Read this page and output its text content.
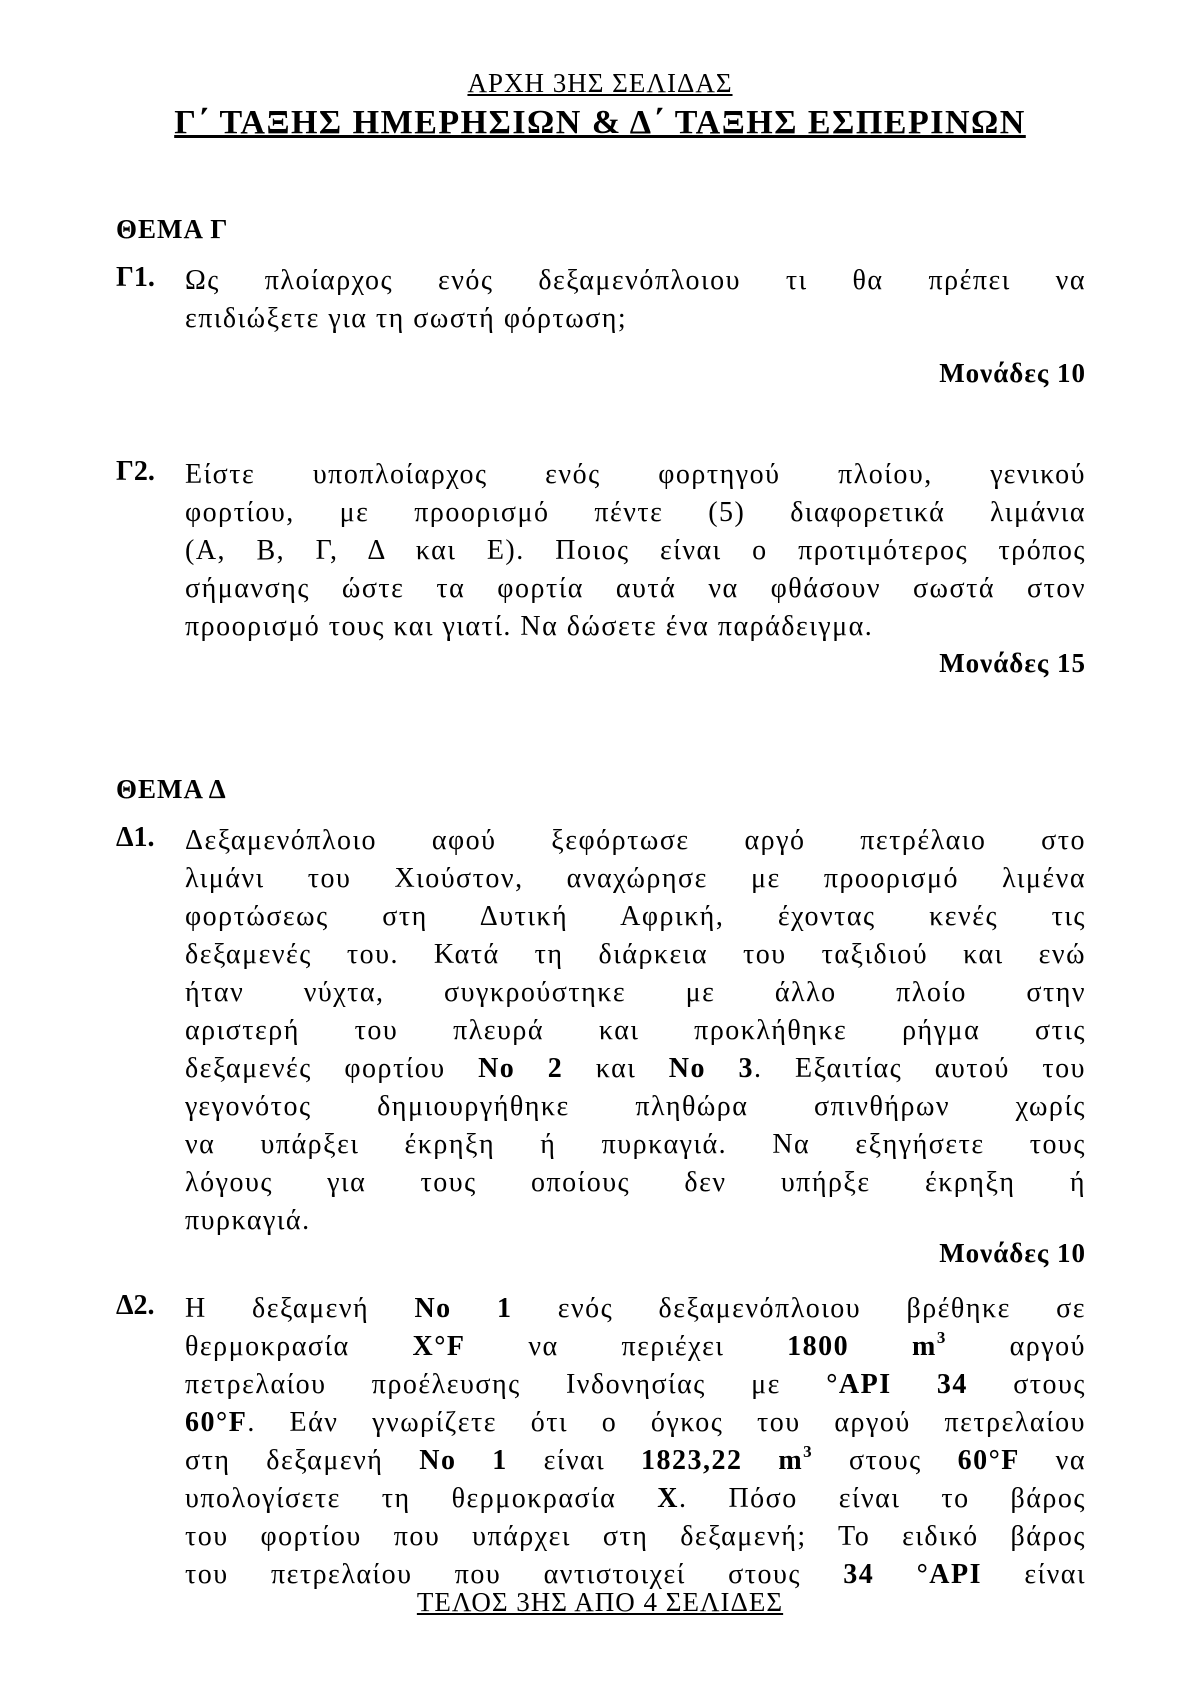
ΑΡΧΗ 3ΗΣ ΣΕΛΙΔΑΣ
Γ΄ ΤΑΞΗΣ ΗΜΕΡΗΣΙΩΝ & Δ΄ ΤΑΞΗΣ ΕΣΠΕΡΙΝΩΝ
ΘΕΜΑ Γ
Γ1. Ως πλοίαρχος ενός δεξαμενόπλοιου τι θα πρέπει να
επιδιώξετε για τη σωστή φόρτωση;
Μονάδες 10
Γ2. Είστε υποπλοίαρχος ενός φορτηγού πλοίου, γενικού
φορτίου, με προορισμό πέντε (5) διαφορετικά λιμάνια
(Α, Β, Γ, Δ και Ε). Ποιος είναι ο προτιμότερος τρόπος
σήμανσης ώστε τα φορτία αυτά να φθάσουν σωστά στον
προορισμό τους και γιατί. Να δώσετε ένα παράδειγμα.
Μονάδες 15
ΘΕΜΑ Δ
Δ1. Δεξαμενόπλοιο αφού ξεφόρτωσε αργό πετρέλαιο στο
λιμάνι του Χιούστον, αναχώρησε με προορισμό λιμένα
φορτώσεως στη Δυτική Αφρική, έχοντας κενές τις
δεξαμενές του. Κατά τη διάρκεια του ταξιδιού και ενώ
ήταν νύχτα, συγκρούστηκε με άλλο πλοίο στην
αριστερή του πλευρά και προκλήθηκε ρήγμα στις
δεξαμενές φορτίου No 2 και No 3. Εξαιτίας αυτού του
γεγονότος δημιουργήθηκε πληθώρα σπινθήρων χωρίς
να υπάρξει έκρηξη ή πυρκαγιά. Να εξηγήσετε τους
λόγους για τους οποίους δεν υπήρξε έκρηξη ή
πυρκαγιά.
Μονάδες 10
Δ2. Η δεξαμενή No 1 ενός δεξαμενόπλοιου βρέθηκε σε
θερμοκρασία X°F να περιέχει 1800 $m^3$ αργού
πετρελαίου προέλευσης Ινδονησίας με °API 34 στους
60°F. Εάν γνωρίζετε ότι ο όγκος του αργού πετρελαίου
στη δεξαμενή No 1 είναι 1823,22 $m^3$ στους 60°F να
υπολογίσετε τη θερμοκρασία X. Πόσο είναι το βάρος
του φορτίου που υπάρχει στη δεξαμενή; Το ειδικό βάρος
του πετρελαίου που αντιστοιχεί στους 34 °API είναι
ΤΕΛΟΣ 3ΗΣ ΑΠΟ 4 ΣΕΛΙΔΕΣ
